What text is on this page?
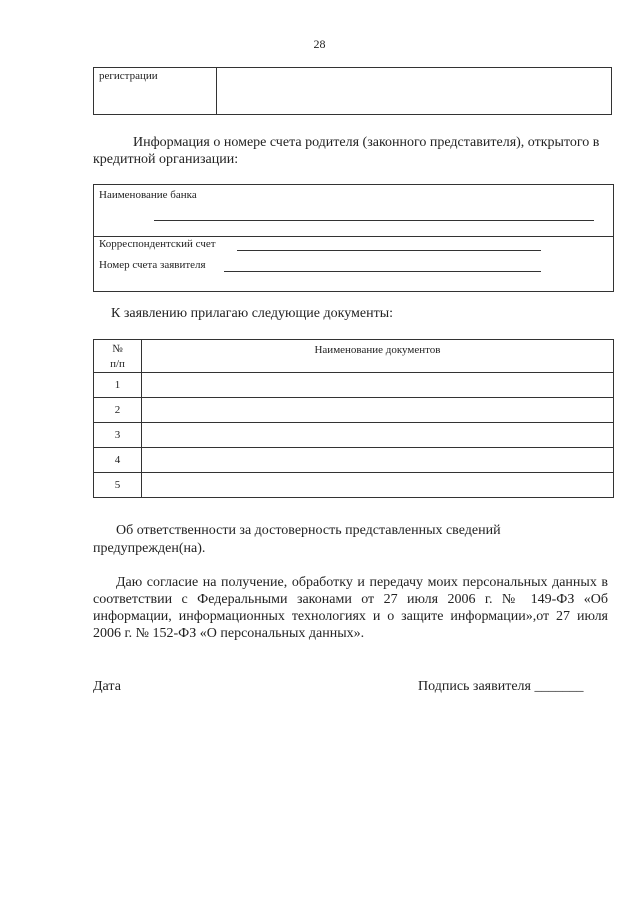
28
регистрации
Информация о номере счета родителя (законного представителя), открытого в кредитной организации:
Наименование банка
Корреспондентский счет
Номер счета заявителя
К заявлению прилагаю следующие документы:
№
п/п	Наименование документов
1	
2	
3	
4	
5	
Об ответственности за достоверность представленных сведений предупрежден(на).
Даю согласие на получение, обработку и передачу моих персональных данных в соответствии с Федеральными законами от 27 июля 2006 г. № 149-ФЗ «Об информации, информационных технологиях и о защите информации»,от 27 июля 2006 г. № 152-ФЗ «О персональных данных».
Дата	Подпись заявителя _______
